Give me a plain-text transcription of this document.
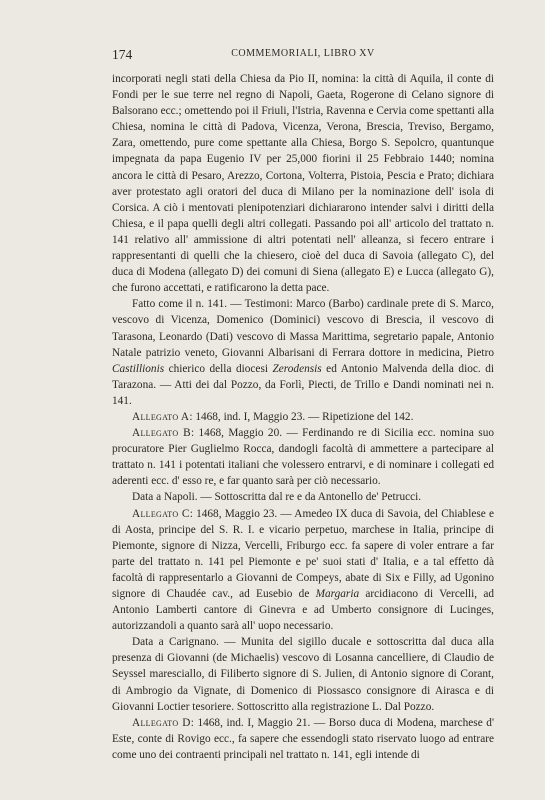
174	COMMEMORIALI, LIBRO XV

incorporati negli stati della Chiesa da Pio II, nomina: la città di Aquila, il conte di Fondi per le sue terre nel regno di Napoli, Gaeta, Rogerone di Celano signore di Balsorano ecc.; omettendo poi il Friuli, l'Istria, Ravenna e Cervia come spettanti alla Chiesa, nomina le città di Padova, Vicenza, Verona, Brescia, Treviso, Bergamo, Zara, omettendo, pure come spettante alla Chiesa, Borgo S. Sepolcro, quantunque impegnata da papa Eugenio IV per 25,000 fiorini il 25 Febbraio 1440; nomina ancora le città di Pesaro, Arezzo, Cortona, Volterra, Pistoia, Pescia e Prato; dichiara aver protestato agli oratori del duca di Milano per la nominazione dell' isola di Corsica. A ciò i mentovati plenipotenziari dichiararono intender salvi i diritti della Chiesa, e il papa quelli degli altri collegati. Passando poi all' articolo del trattato n. 141 relativo all' ammissione di altri potentati nell' alleanza, si fecero entrare i rappresentanti di quelli che la chiesero, cioè del duca di Savoia (allegato C), del duca di Modena (allegato D) dei comuni di Siena (allegato E) e Lucca (allegato G), che furono accettati, e ratificarono la detta pace.

Fatto come il n. 141. — Testimoni: Marco (Barbo) cardinale prete di S. Marco, vescovo di Vicenza, Domenico (Dominici) vescovo di Brescia, il vescovo di Tarasona, Leonardo (Dati) vescovo di Massa Marittima, segretario papale, Antonio Natale patrizio veneto, Giovanni Albarisani di Ferrara dottore in medicina, Pietro Castillionis chierico della diocesi Zerodensis ed Antonio Malvenda della dioc. di Tarazona. — Atti dei dal Pozzo, da Forlì, Piecti, de Trillo e Dandi nominati nei n. 141.

Allegato A: 1468, ind. I, Maggio 23. — Ripetizione del 142.

Allegato B: 1468, Maggio 20. — Ferdinando re di Sicilia ecc. nomina suo procuratore Pier Guglielmo Rocca, dandogli facoltà di ammettere a partecipare al trattato n. 141 i potentati italiani che volessero entrarvi, e di nominare i collegati ed aderenti ecc. d' esso re, e far quanto sarà per ciò necessario.

Data a Napoli. — Sottoscritta dal re e da Antonello de' Petrucci.

Allegato C: 1468, Maggio 23. — Amedeo IX duca di Savoia, del Chiablese e di Aosta, principe del S. R. I. e vicario perpetuo, marchese in Italia, principe di Piemonte, signore di Nizza, Vercelli, Friburgo ecc. fa sapere di voler entrare a far parte del trattato n. 141 pel Piemonte e pe' suoi stati d' Italia, e a tal effetto dà facoltà di rappresentarlo a Giovanni de Compeys, abate di Six e Filly, ad Ugonino signore di Chaudée cav., ad Eusebio de Margaria arcidiacono di Vercelli, ad Antonio Lamberti cantore di Ginevra e ad Umberto consignore di Lucinges, autorizzandoli a quanto sarà all' uopo necessario.

Data a Carignano. — Munita del sigillo ducale e sottoscritta dal duca alla presenza di Giovanni (de Michaelis) vescovo di Losanna cancelliere, di Claudio de Seyssel maresciallo, di Filiberto signore di S. Julien, di Antonio signore di Corant, di Ambrogio da Vignate, di Domenico di Piossasco consignore di Airasca e di Giovanni Loctier tesoriere. Sottoscritto alla registrazione L. Dal Pozzo.

Allegato D: 1468, ind. I, Maggio 21. — Borso duca di Modena, marchese d' Este, conte di Rovigo ecc., fa sapere che essendogli stato riservato luogo ad entrare come uno dei contraenti principali nel trattato n. 141, egli intende di
